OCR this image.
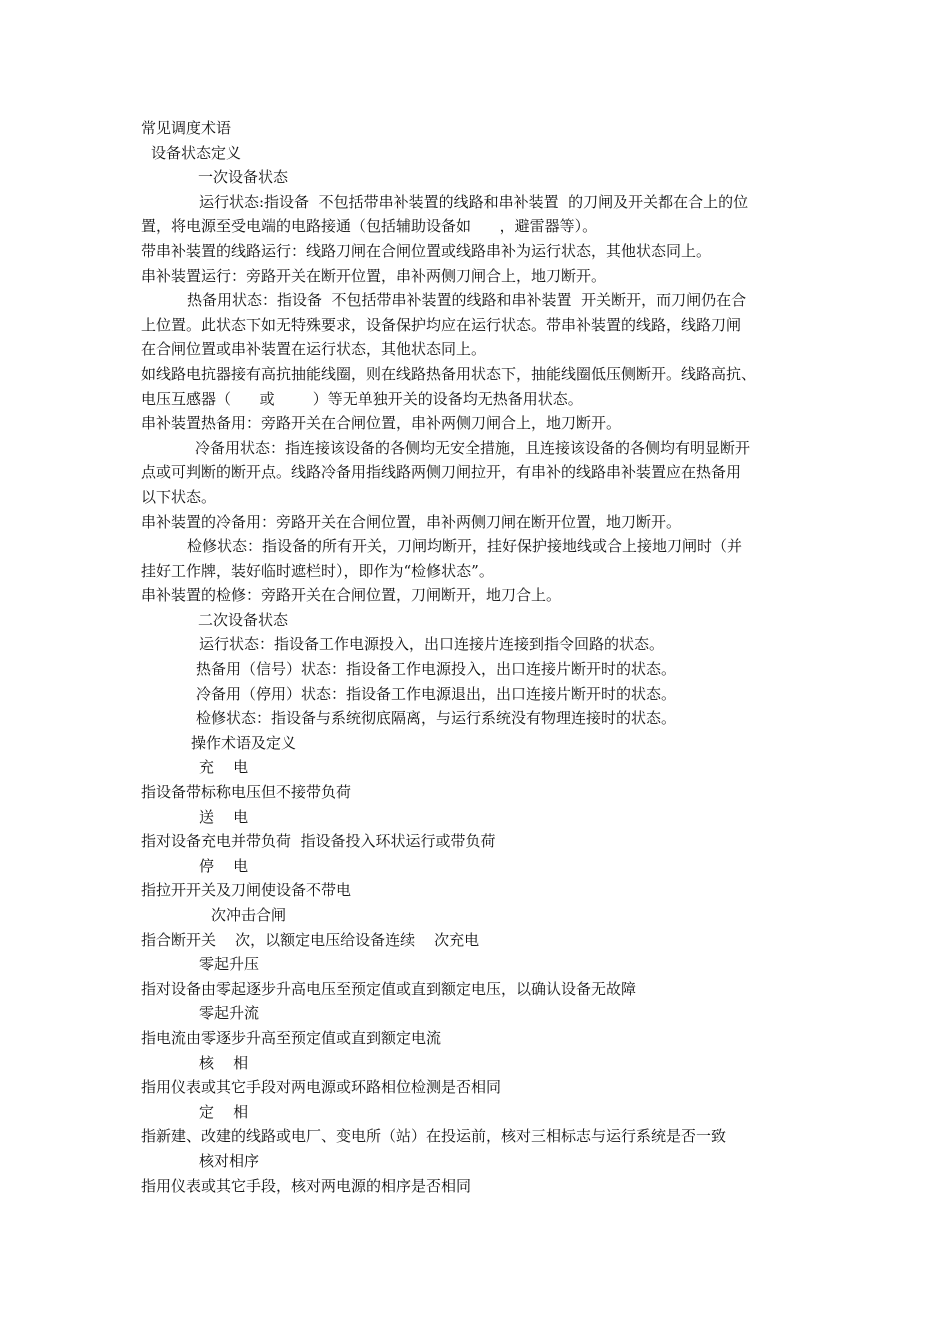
常见调度术语
设备状态定义
一次设备状态
运行状态:指设备  不包括带串补装置的线路和串补装置  的刀闸及开关都在合上的位
置，将电源至受电端的电路接通（包括辅助设备如      ，避雷器等）。
带串补装置的线路运行：线路刀闸在合闸位置或线路串补为运行状态，其他状态同上。
串补装置运行：旁路开关在断开位置，串补两侧刀闸合上，地刀断开。
热备用状态：指设备  不包括带串补装置的线路和串补装置  开关断开，而刀闸仍在合
上位置。此状态下如无特殊要求，设备保护均应在运行状态。带串补装置的线路，线路刀闸
在合闸位置或串补装置在运行状态，其他状态同上。
如线路电抗器接有高抗抽能线圈，则在线路热备用状态下，抽能线圈低压侧断开。线路高抗、
电压互感器（      或        ）等无单独开关的设备均无热备用状态。
串补装置热备用：旁路开关在合闸位置，串补两侧刀闸合上，地刀断开。
冷备用状态：指连接该设备的各侧均无安全措施，且连接该设备的各侧均有明显断开
点或可判断的断开点。线路冷备用指线路两侧刀闸拉开，有串补的线路串补装置应在热备用
以下状态。
串补装置的冷备用：旁路开关在合闸位置，串补两侧刀闸在断开位置，地刀断开。
检修状态：指设备的所有开关，刀闸均断开，挂好保护接地线或合上接地刀闸时（并
挂好工作牌，装好临时遮栏时），即作为“检修状态”。
串补装置的检修：旁路开关在合闸位置，刀闸断开，地刀合上。
二次设备状态
运行状态：指设备工作电源投入，出口连接片连接到指令回路的状态。
热备用（信号）状态：指设备工作电源投入，出口连接片断开时的状态。
冷备用（停用）状态：指设备工作电源退出，出口连接片断开时的状态。
检修状态：指设备与系统彻底隔离，与运行系统没有物理连接时的状态。
操作术语及定义
充    电
指设备带标称电压但不接带负荷
送    电
指对设备充电并带负荷  指设备投入环状运行或带负荷
停    电
指拉开开关及刀闸使设备不带电
次冲击合闸
指合断开关    次，以额定电压给设备连续    次充电
零起升压
指对设备由零起逐步升高电压至预定值或直到额定电压，以确认设备无故障
零起升流
指电流由零逐步升高至预定值或直到额定电流
核    相
指用仪表或其它手段对两电源或环路相位检测是否相同
定    相
指新建、改建的线路或电厂、变电所（站）在投运前，核对三相标志与运行系统是否一致
核对相序
指用仪表或其它手段，核对两电源的相序是否相同
